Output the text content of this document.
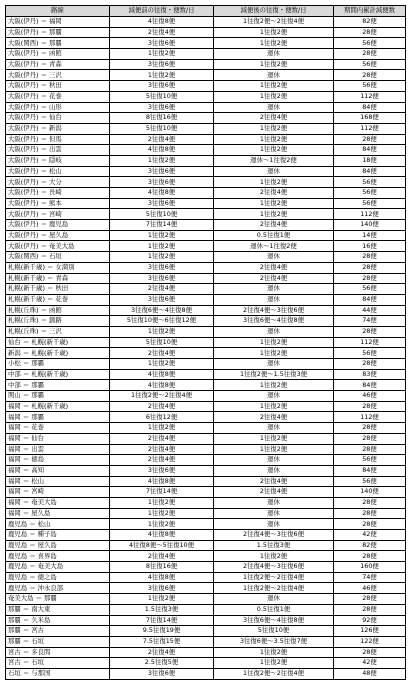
路線	減便前の往復・便数/日	減便後の往復・便数/日	期間内累計減便数
大阪(伊丹) ＝ 福岡	4往復8便	1往復2便～2往復4便	82便
大阪(伊丹) ＝ 那覇	2往復4便	1往復2便	28便
大阪(関西) ＝ 那覇	3往復6便	1往復2便	56便
大阪(伊丹) ＝ 函館	1往復2便	運休	28便
大阪(伊丹) ＝ 青森	3往復6便	1往復2便	56便
大阪(伊丹) ＝ 三沢	1往復2便	運休	28便
大阪(伊丹) ＝ 秋田	3往復6便	1往復2便	56便
大阪(伊丹) ＝ 花巻	5往復10便	1往復2便	112便
大阪(伊丹) ＝ 山形	3往復6便	運休	84便
大阪(伊丹) ＝ 仙台	8往復16便	2往復4便	168便
大阪(伊丹) ＝ 新潟	5往復10便	1往復2便	112便
大阪(伊丹) ＝ 但馬	2往復4便	1往復2便	28便
大阪(伊丹) ＝ 出雲	4往復8便	1往復2便	84便
大阪(伊丹) ＝ 隠岐	1往復2便	運休～1往復2便	18便
大阪(伊丹) ＝ 松山	3往復6便	運休	84便
大阪(伊丹) ＝ 大分	3往復6便	1往復2便	56便
大阪(伊丹) ＝ 長崎	4往復8便	2往復4便	56便
大阪(伊丹) ＝ 熊本	3往復6便	1往復2便	56便
大阪(伊丹) ＝ 宮崎	5往復10便	1往復2便	112便
大阪(伊丹) ＝ 鹿児島	7往復14便	2往復4便	140便
大阪(伊丹) ＝ 屋久島	1往復2便	0.5往復1便	14便
大阪(伊丹) ＝ 奄美大島	1往復2便	運休～1往復2便	16便
大阪(関西) ＝ 石垣	1往復2便	運休	28便
札幌(新千歳) ＝ 女満別	3往復6便	2往復4便	28便
札幌(新千歳) ＝ 青森	3往復6便	2往復4便	28便
札幌(新千歳) ＝ 秋田	2往復4便	運休	56便
札幌(新千歳) ＝ 花巻	3往復6便	運休	84便
札幌(丘珠) ＝ 函館	3往復6便～4往復8便	2往復4便～3往復6便	44便
札幌(丘珠) ＝ 釧路	5往復10便～6往復12便	3往復6便～4往復8便	74便
札幌(丘珠) ＝ 三沢	1往復2便	運休	28便
仙台 ＝ 札幌(新千歳)	5往復10便	1往復2便	112便
新潟 ＝ 札幌(新千歳)	2往復4便	1往復2便	56便
小松 ＝ 那覇	1往復2便	運休	28便
中部 ＝ 札幌(新千歳)	4往復8便	1往復2便～1.5往復3便	83便
中部 ＝ 那覇	4往復8便	1往復2便	84便
関山 ＝ 那覇	1往復2便～2往復4便	運休	46便
福岡 ＝ 札幌(新千歳)	2往復4便	1往復2便	28便
福岡 ＝ 那覇	6往復12便	2往復4便	112便
福岡 ＝ 花巻	1往復2便	運休	28便
福岡 ＝ 仙台	2往復4便	1往復2便	28便
福岡 ＝ 出雲	2往復4便	1往復2便	28便
福岡 ＝ 徳島	2往復4便	運休	56便
福岡 ＝ 高知	3往復6便	運休	84便
福岡 ＝ 松山	4往復8便	2往復4便	56便
福岡 ＝ 宮崎	7往復14便	2往復4便	140便
福岡 ＝ 奄美大島	1往復2便	運休	28便
福岡 ＝ 屋久島	1往復2便	運休	28便
鹿児島 ＝ 松山	1往復2便	運休	28便
鹿児島 ＝ 種子島	4往復8便	2往復4便～3往復6便	42便
鹿児島 ＝ 屋久島	4往復8便～5往復10便	1.5往復3便	82便
鹿児島 ＝ 喜界島	2往復4便	1往復2便	28便
鹿児島 ＝ 奄美大島	8往復16便	2往復4便～3往復6便	160便
鹿児島 ＝ 徳之島	4往復8便	1往復2便～2往復4便	74便
鹿児島 ＝ 沖永良部	3往復6便	1往復2便～2往復4便	46便
奄美大島 ＝ 那覇	1往復2便	運休	28便
那覇 ＝ 南大東	1.5往復3便	0.5往復1便	28便
那覇 ＝ 久米島	7往復14便	3往復6便～4往復8便	92便
那覇 ＝ 宮古	9.5往復19便	5往復10便	126便
那覇 ＝ 石垣	7.5往復15便	3往復6便～3.5往復7便	122便
宮古 ＝ 多良間	2往復4便	1往復2便	28便
宮古 ＝ 石垣	2.5往復5便	1往復2便	42便
石垣 ＝ 与那国	3往復6便	1往復2便～2往復4便	48便
